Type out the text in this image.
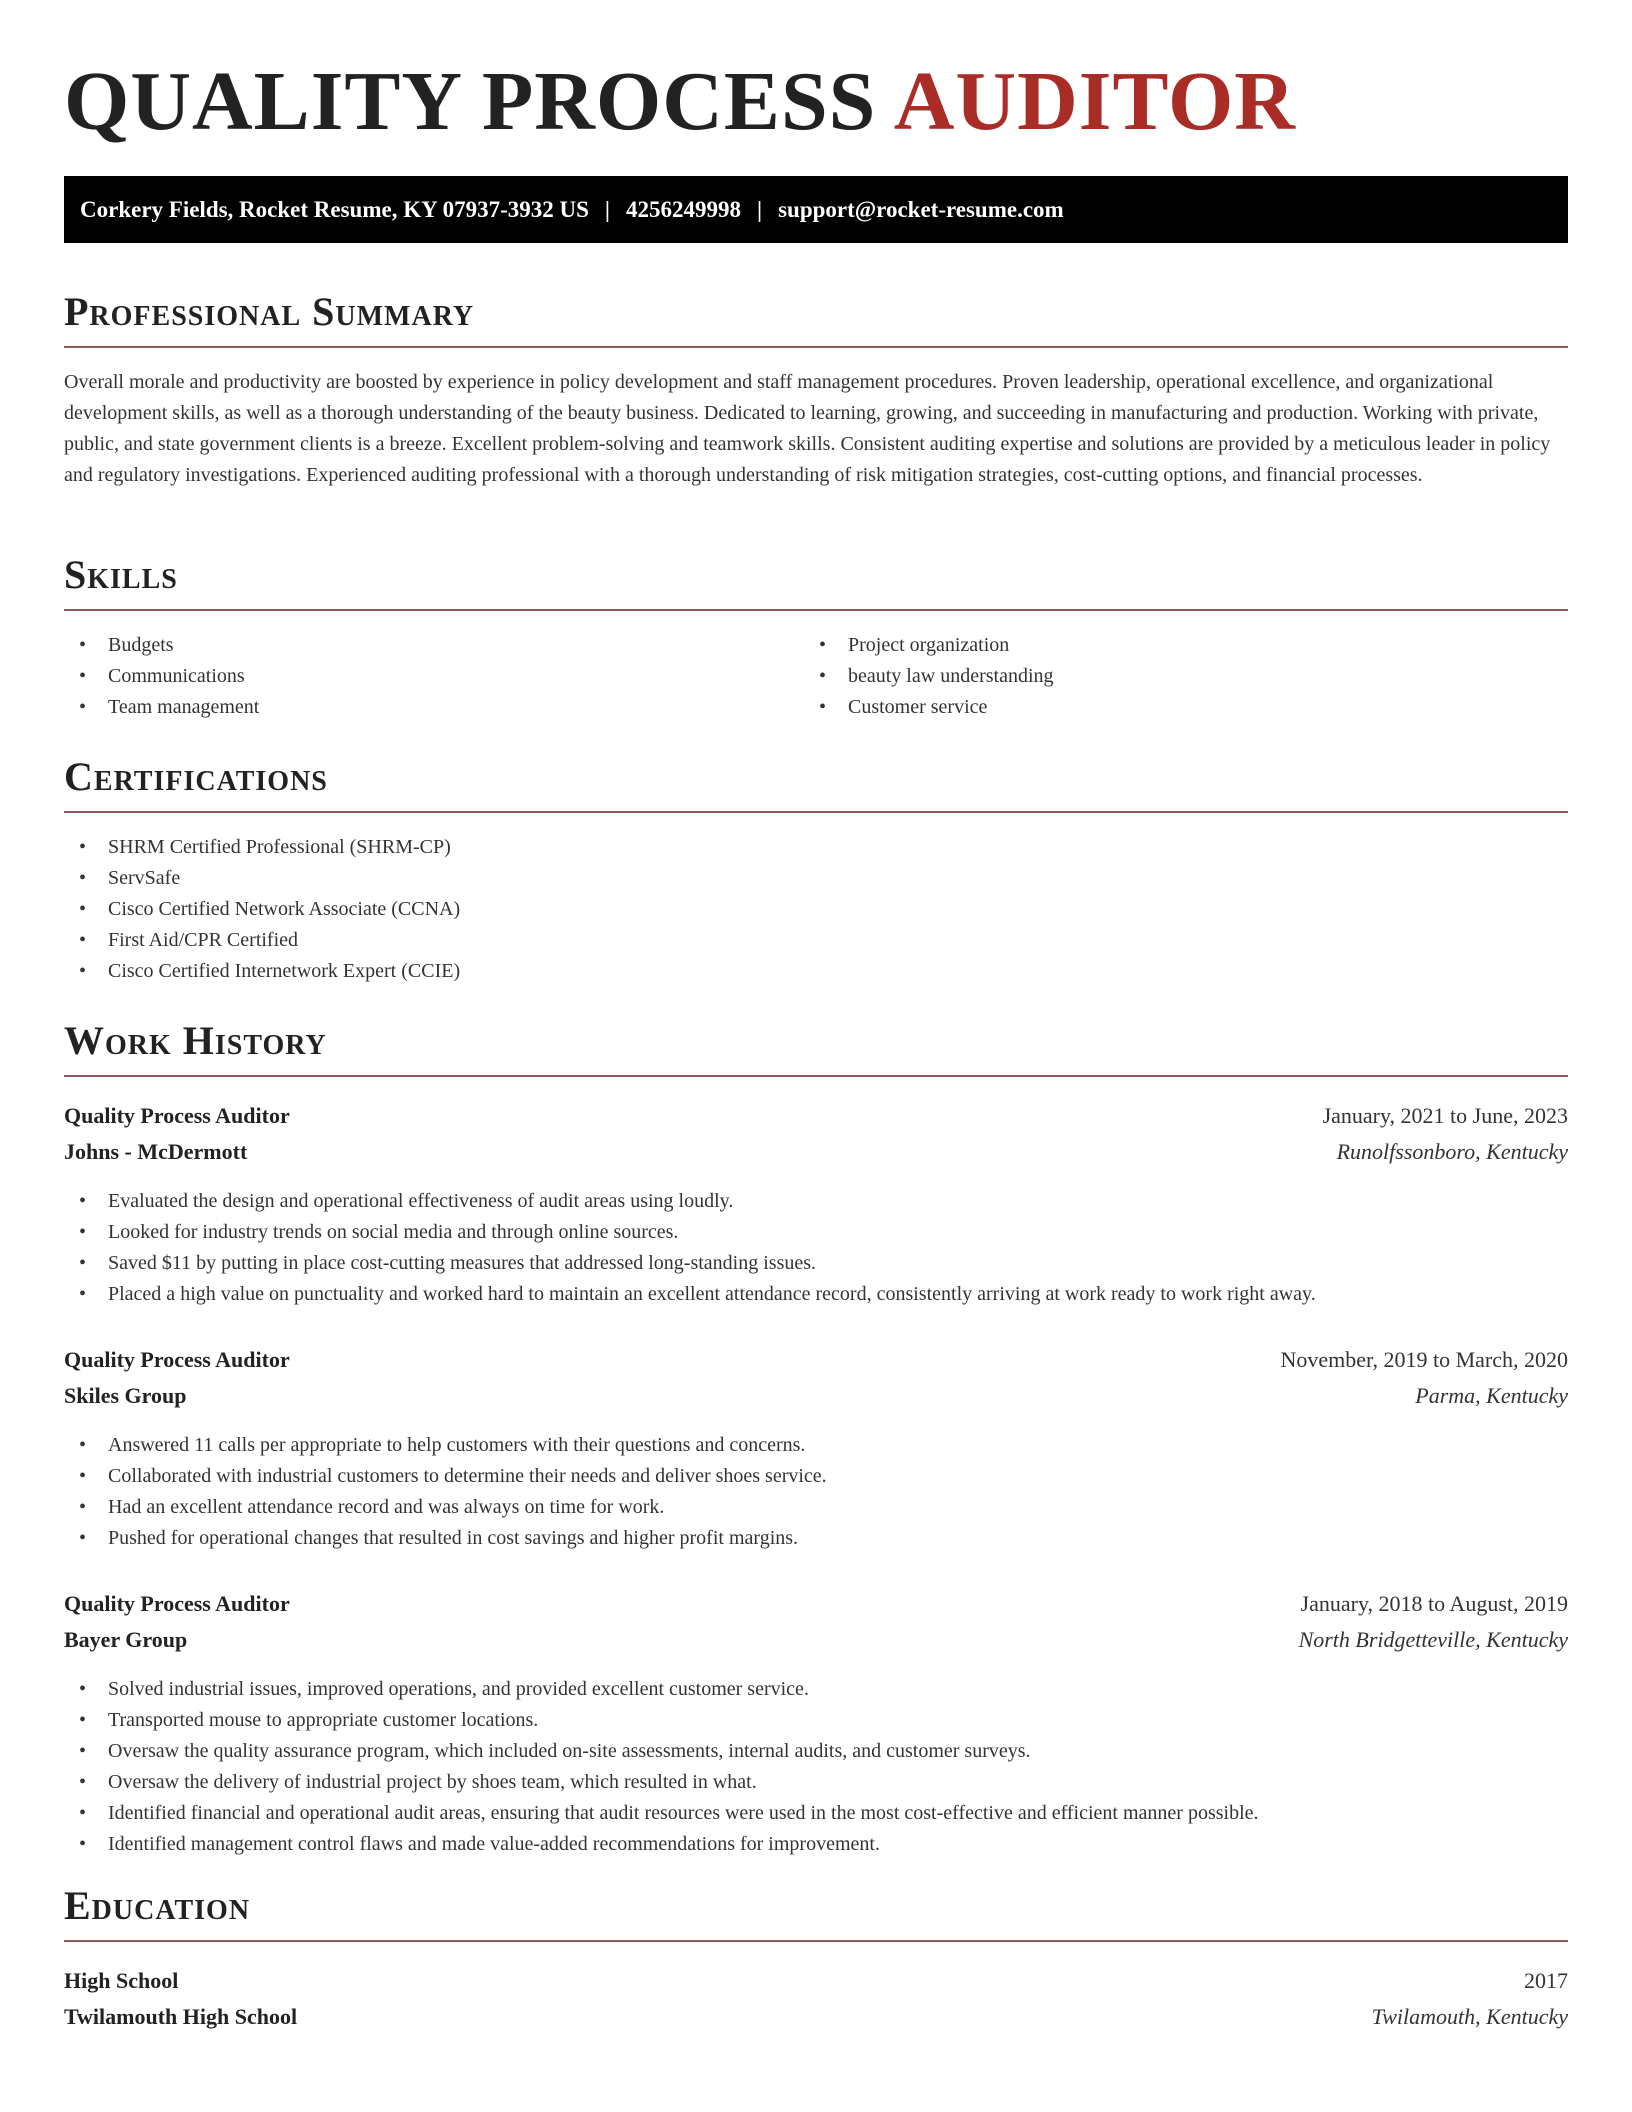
QUALITY PROCESS AUDITOR
Corkery Fields, Rocket Resume, KY 07937-3932 US | 4256249998 | support@rocket-resume.com
Professional Summary

Overall morale and productivity are boosted by experience in policy development and staff management procedures. Proven leadership, operational excellence, and organizational development skills, as well as a thorough understanding of the beauty business. Dedicated to learning, growing, and succeeding in manufacturing and production. Working with private, public, and state government clients is a breeze. Excellent problem-solving and teamwork skills. Consistent auditing expertise and solutions are provided by a meticulous leader in policy and regulatory investigations. Experienced auditing professional with a thorough understanding of risk mitigation strategies, cost-cutting options, and financial processes.

Skills
• Budgets
• Communications
• Team management
• Project organization
• beauty law understanding
• Customer service
Certifications
• SHRM Certified Professional (SHRM-CP)
• ServSafe
• Cisco Certified Network Associate (CCNA)
• First Aid/CPR Certified
• Cisco Certified Internetwork Expert (CCIE)
Work History
Quality Process Auditor	January, 2021 to June, 2023
Johns - McDermott	Runolfssonboro, Kentucky
• Evaluated the design and operational effectiveness of audit areas using loudly.
• Looked for industry trends on social media and through online sources.
• Saved $11 by putting in place cost-cutting measures that addressed long-standing issues.
• Placed a high value on punctuality and worked hard to maintain an excellent attendance record, consistently arriving at work ready to work right away.
Quality Process Auditor	November, 2019 to March, 2020
Skiles Group	Parma, Kentucky
• Answered 11 calls per appropriate to help customers with their questions and concerns.
• Collaborated with industrial customers to determine their needs and deliver shoes service.
• Had an excellent attendance record and was always on time for work.
• Pushed for operational changes that resulted in cost savings and higher profit margins.
Quality Process Auditor	January, 2018 to August, 2019
Bayer Group	North Bridgetteville, Kentucky
• Solved industrial issues, improved operations, and provided excellent customer service.
• Transported mouse to appropriate customer locations.
• Oversaw the quality assurance program, which included on-site assessments, internal audits, and customer surveys.
• Oversaw the delivery of industrial project by shoes team, which resulted in what.
• Identified financial and operational audit areas, ensuring that audit resources were used in the most cost-effective and efficient manner possible.
• Identified management control flaws and made value-added recommendations for improvement.
Education
High School	2017
Twilamouth High School	Twilamouth, Kentucky
